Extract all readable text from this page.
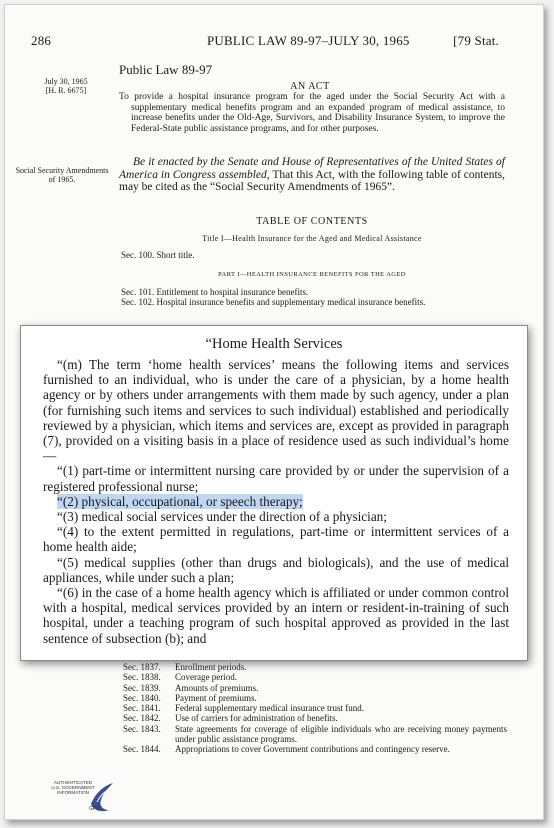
286	PUBLIC LAW 89-97–JULY 30, 1965	[79 Stat.
Public Law 89-97
July 30, 1965
[H. R. 6675]	AN ACT
To provide a hospital insurance program for the aged under the Social Security Act with a supplementary medical benefits program and an expanded program of medical assistance, to increase benefits under the Old-Age, Survivors, and Disability Insurance System, to improve the Federal-State public assistance programs, and for other purposes.
Social Security Amendments of 1965.
Be it enacted by the Senate and House of Representatives of the United States of America in Congress assembled, That this Act, with the following table of contents, may be cited as the “Social Security Amendments of 1965”.
TABLE OF CONTENTS
Title I—Health Insurance for the Aged and Medical Assistance
Sec. 100. Short title.
PART I—HEALTH INSURANCE BENEFITS FOR THE AGED
Sec. 101. Entitlement to hospital insurance benefits.
Sec. 102. Hospital insurance benefits and supplementary medical insurance benefits.
“Home Health Services
“(m) The term ‘home health services’ means the following items and services furnished to an individual, who is under the care of a physician, by a home health agency or by others under arrangements with them made by such agency, under a plan (for furnishing such items and services to such individual) established and periodically reviewed by a physician, which items and services are, except as provided in paragraph (7), provided on a visiting basis in a place of residence used as such individual’s home—
“(1) part-time or intermittent nursing care provided by or under the supervision of a registered professional nurse;
“(2) physical, occupational, or speech therapy;
“(3) medical social services under the direction of a physician;
“(4) to the extent permitted in regulations, part-time or intermittent services of a home health aide;
“(5) medical supplies (other than drugs and biologicals), and the use of medical appliances, while under such a plan;
“(6) in the case of a home health agency which is affiliated or under common control with a hospital, medical services provided by an intern or resident-in-training of such hospital, under a teaching program of such hospital approved as provided in the last sentence of subsection (b); and
Sec. 1837. Enrollment periods.
Sec. 1838. Coverage period.
Sec. 1839. Amounts of premiums.
Sec. 1840. Payment of premiums.
Sec. 1841. Federal supplementary medical insurance trust fund.
Sec. 1842. Use of carriers for administration of benefits.
Sec. 1843. State agreements for coverage of eligible individuals who are receiving money payments under public assistance programs.
Sec. 1844. Appropriations to cover Government contributions and contingency reserve.
AUTHENTICATED
U.S. GOVERNMENT
INFORMATION
GPO
